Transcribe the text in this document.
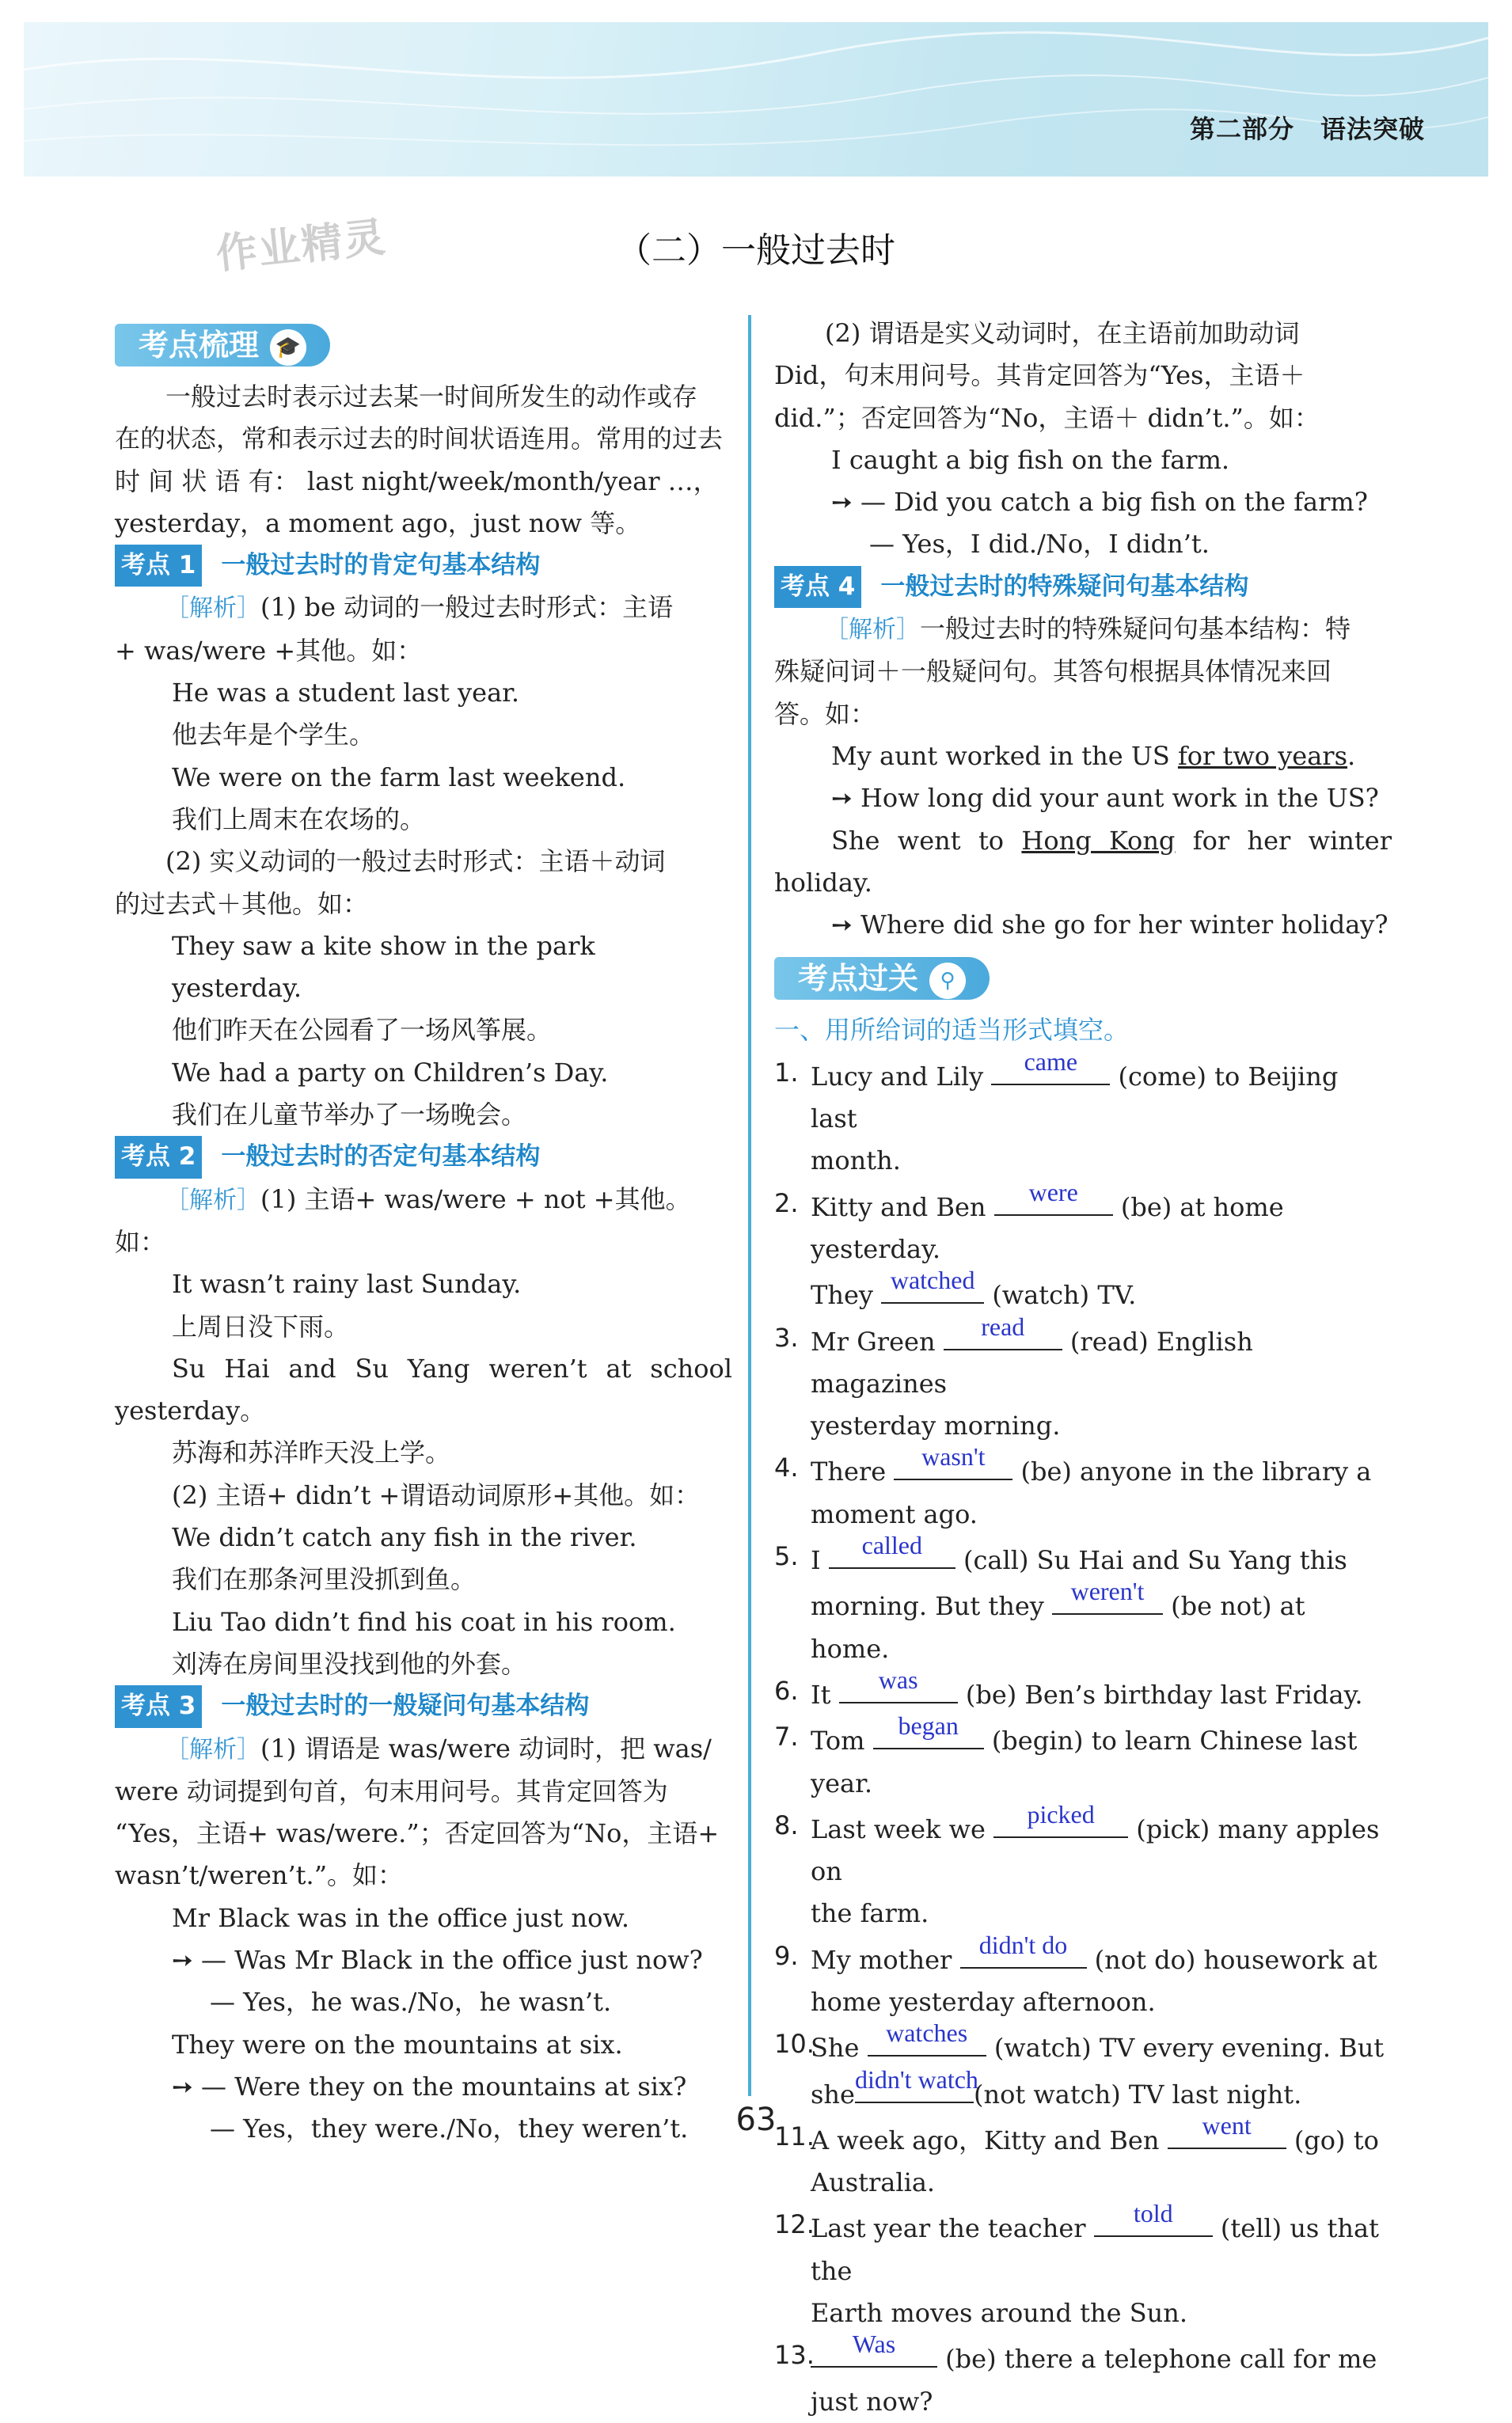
第二部分　语法突破
作业精灵	（二）一般过去时
考点梳理 🎓

一般过去时表示过去某一时间所发生的动作或存

在的状态，常和表示过去的时间状语连用。常用的过去

时 间 状 语 有： last night/week/month/year …，

yesterday，a moment ago，just now 等。

考点 1 一般过去时的肯定句基本结构

［解析］(1) be 动词的一般过去时形式：主语

+ was/were +其他。如：

He was a student last year.

他去年是个学生。

We were on the farm last weekend.

我们上周末在农场的。

(2) 实义动词的一般过去时形式：主语＋动词

的过去式＋其他。如：

They saw a kite show in the park yesterday.

他们昨天在公园看了一场风筝展。

We had a party on Children’s Day.

我们在儿童节举办了一场晚会。

考点 2 一般过去时的否定句基本结构

［解析］(1) 主语+ was/were + not +其他。如：

It wasn’t rainy last Sunday.

上周日没下雨。

Su Hai and Su Yang weren’t at school

yesterday。

苏海和苏洋昨天没上学。

(2) 主语+ didn’t +谓语动词原形+其他。如：

We didn’t catch any fish in the river.

我们在那条河里没抓到鱼。

Liu Tao didn’t find his coat in his room.

刘涛在房间里没找到他的外套。

考点 3 一般过去时的一般疑问句基本结构

［解析］(1) 谓语是 was/were 动词时，把 was/

were 动词提到句首，句末用问号。其肯定回答为

“Yes，主语+ was/were.”；否定回答为“No，主语+

wasn’t/weren’t.”。如：

Mr Black was in the office just now.

➙ — Was Mr Black in the office just now?

— Yes，he was./No，he wasn’t.

They were on the mountains at six.

➙ — Were they on the mountains at six?

— Yes，they were./No，they weren’t.

(2) 谓语是实义动词时，在主语前加助动词

Did，句末用问号。其肯定回答为“Yes，主语＋

did.”；否定回答为“No，主语＋ didn’t.”。如：

I caught a big fish on the farm.

➙ — Did you catch a big fish on the farm?

— Yes，I did./No，I didn’t.

考点 4 一般过去时的特殊疑问句基本结构

［解析］一般过去时的特殊疑问句基本结构：特

殊疑问词＋一般疑问句。其答句根据具体情况来回

答。如：

My aunt worked in the US for two years.

➙ How long did your aunt work in the US?

She went to Hong Kong for her winter

holiday.

➙ Where did she go for her winter holiday?

考点过关 ⚲

一、用所给词的适当形式填空。

1. Lucy and Lily	came	(come) to Beijing last
month.
2. Kitty and Ben	were	(be) at home yesterday.
They watched (watch) TV.
3. Mr Green	read	(read) English magazines
yesterday morning.
4. There	wasn't	(be) anyone in the library a
moment ago.
5. I	called	(call) Su Hai and Su Yang this
morning. But they weren't (be not) at home.
6. It	was	(be) Ben’s birthday last Friday.
7. Tom began (begin) to learn Chinese last year.
8. Last week we	picked	(pick) many apples on
the farm.
9. My mother didn't do (not do) housework at
home yesterday afternoon.
10.
She watches (watch) TV every evening. But
she didn't watch
(not watch) TV last night.
11.
A week ago，Kitty and Ben	went	(go) to
Australia.
12.
Last year the teacher	told	(tell) us that the
Earth moves around the Sun.
13.	Was	(be) there a telephone call for me
just now?
63
